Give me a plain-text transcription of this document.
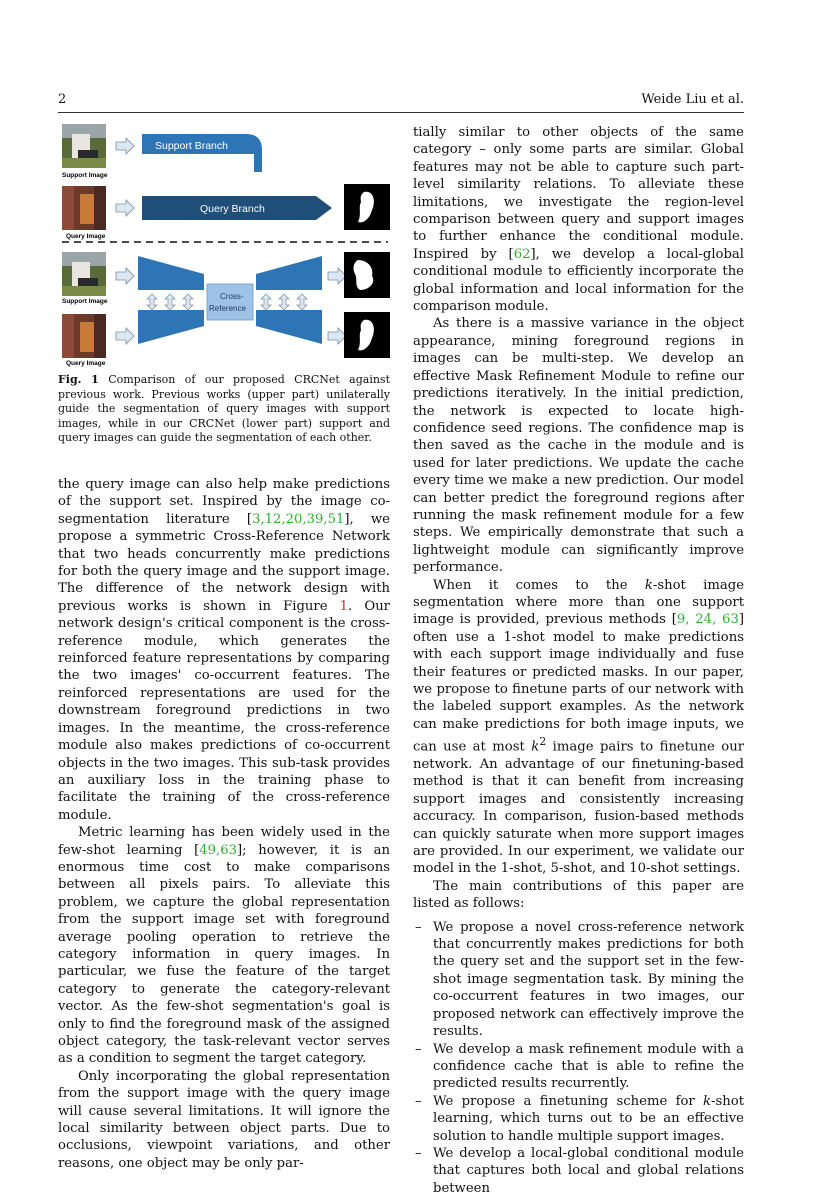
2	Weide Liu et al.
Support Image
Support Branch
Query Image
Query Branch
Support Image
Query Image
Cross-
Reference
Fig. 1 Comparison of our proposed CRCNet against previous work. Previous works (upper part) unilaterally guide the segmentation of query images with support images, while in our CRCNet (lower part) support and query images can guide the segmentation of each other.

the query image can also help make predictions of the support set. Inspired by the image co-segmentation literature [3,12,20,39,51], we propose a symmetric Cross-Reference Network that two heads concurrently make predictions for both the query image and the support image. The difference of the network design with previous works is shown in Figure 1. Our network design's critical component is the cross-reference module, which generates the reinforced feature representations by comparing the two images' co-occurrent features. The reinforced representations are used for the downstream foreground predictions in two images. In the meantime, the cross-reference module also makes predictions of co-occurrent objects in the two images. This sub-task provides an auxiliary loss in the training phase to facilitate the training of the cross-reference module.

Metric learning has been widely used in the few-shot learning [49,63]; however, it is an enormous time cost to make comparisons between all pixels pairs. To alleviate this problem, we capture the global representation from the support image set with foreground average pooling operation to retrieve the category information in query images. In particular, we fuse the feature of the target category to generate the category-relevant vector. As the few-shot segmentation's goal is only to find the foreground mask of the assigned object category, the task-relevant vector serves as a condition to segment the target category.

Only incorporating the global representation from the support image with the query image will cause several limitations. It will ignore the local similarity between object parts. Due to occlusions, viewpoint variations, and other reasons, one object may be only par-

tially similar to other objects of the same category – only some parts are similar. Global features may not be able to capture such part-level similarity relations. To alleviate these limitations, we investigate the region-level comparison between query and support images to further enhance the conditional module. Inspired by [62], we develop a local-global conditional module to efficiently incorporate the global information and local information for the comparison module.

As there is a massive variance in the object appearance, mining foreground regions in images can be multi-step. We develop an effective Mask Refinement Module to refine our predictions iteratively. In the initial prediction, the network is expected to locate high-confidence seed regions. The confidence map is then saved as the cache in the module and is used for later predictions. We update the cache every time we make a new prediction. Our model can better predict the foreground regions after running the mask refinement module for a few steps. We empirically demonstrate that such a lightweight module can significantly improve performance.

When it comes to the k-shot image segmentation where more than one support image is provided, previous methods [9, 24, 63] often use a 1-shot model to make predictions with each support image individually and fuse their features or predicted masks. In our paper, we propose to finetune parts of our network with the labeled support examples. As the network can make predictions for both image inputs, we can use at most $k^2$ image pairs to finetune our network. An advantage of our finetuning-based method is that it can benefit from increasing support images and consistently increasing accuracy. In comparison, fusion-based methods can quickly saturate when more support images are provided. In our experiment, we validate our model in the 1-shot, 5-shot, and 10-shot settings.

The main contributions of this paper are listed as follows:

– We propose a novel cross-reference network that concurrently makes predictions for both the query set and the support set in the few-shot image segmentation task. By mining the co-occurrent features in two images, our proposed network can effectively improve the results.
– We develop a mask refinement module with a confidence cache that is able to refine the predicted results recurrently.
– We propose a finetuning scheme for k-shot learning, which turns out to be an effective solution to handle multiple support images.
– We develop a local-global conditional module that captures both local and global relations between
